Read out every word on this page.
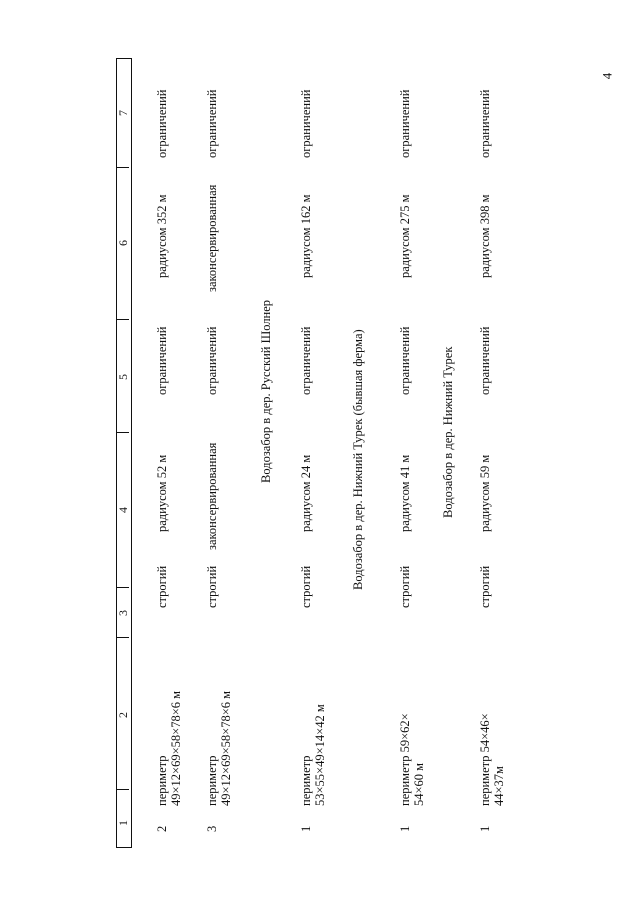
4
1
2
3
4
5
6
7
2
периметр 49×12×69×58×78×6 м
строгий
радиусом 52 м
ограничений
радиусом 352 м
ограничений
3
периметр 49×12×69×58×78×6 м
строгий
законсервированная
ограничений
законсервированная
ограничений
Водозабор в дер. Русский Шолнер
1
периметр 53×55×49×14×42 м
строгий
радиусом 24 м
ограничений
радиусом 162 м
ограничений
Водозабор в дер. Нижний Турек (бывшая ферма)
1
периметр 59×62× 54×60 м
строгий
радиусом 41 м
ограничений
радиусом 275 м
ограничений
Водозабор в дер. Нижний Турек
1
периметр 54×46× 44×37м
строгий
радиусом 59 м
ограничений
радиусом 398 м
ограничений
